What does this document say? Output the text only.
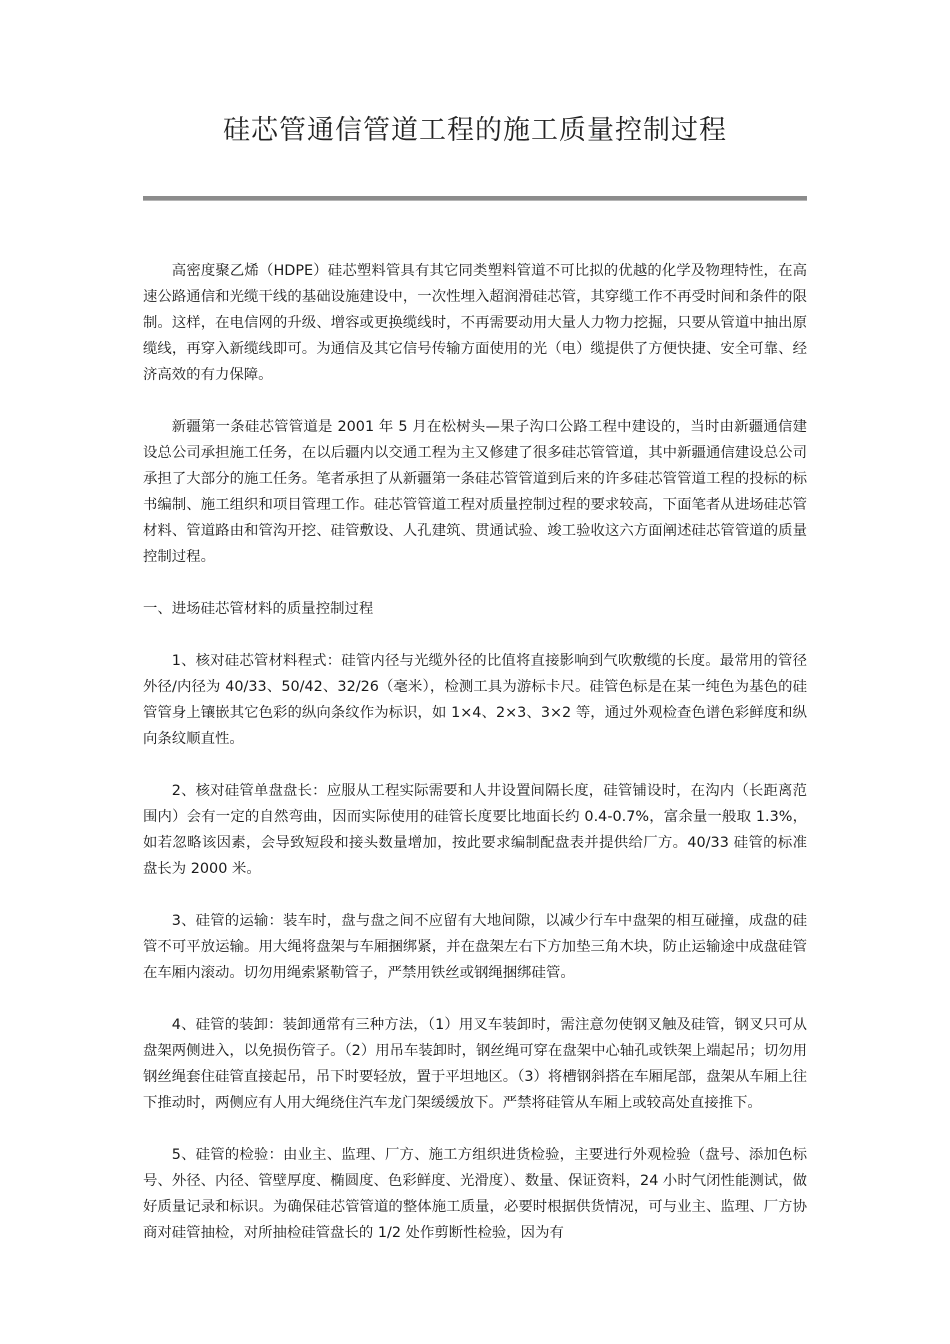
硅芯管通信管道工程的施工质量控制过程

高密度聚乙烯（HDPE）硅芯塑料管具有其它同类塑料管道不可比拟的优越的化学及物理特性，在高速公路通信和光缆干线的基础设施建设中，一次性埋入超润滑硅芯管，其穿缆工作不再受时间和条件的限制。这样，在电信网的升级、增容或更换缆线时，不再需要动用大量人力物力挖掘，只要从管道中抽出原缆线，再穿入新缆线即可。为通信及其它信号传输方面使用的光（电）缆提供了方便快捷、安全可靠、经济高效的有力保障。

新疆第一条硅芯管管道是 2001 年 5 月在松树头—果子沟口公路工程中建设的，当时由新疆通信建设总公司承担施工任务，在以后疆内以交通工程为主又修建了很多硅芯管管道，其中新疆通信建设总公司承担了大部分的施工任务。笔者承担了从新疆第一条硅芯管管道到后来的许多硅芯管管道工程的投标的标书编制、施工组织和项目管理工作。硅芯管管道工程对质量控制过程的要求较高，下面笔者从进场硅芯管材料、管道路由和管沟开挖、硅管敷设、人孔建筑、贯通试验、竣工验收这六方面阐述硅芯管管道的质量控制过程。

一、进场硅芯管材料的质量控制过程

1、核对硅芯管材料程式：硅管内径与光缆外径的比值将直接影响到气吹敷缆的长度。最常用的管径外径/内径为 40/33、50/42、32/26（毫米），检测工具为游标卡尺。硅管色标是在某一纯色为基色的硅管管身上镶嵌其它色彩的纵向条纹作为标识，如 1×4、2×3、3×2 等，通过外观检查色谱色彩鲜度和纵向条纹顺直性。

2、核对硅管单盘盘长：应服从工程实际需要和人井设置间隔长度，硅管铺设时，在沟内（长距离范围内）会有一定的自然弯曲，因而实际使用的硅管长度要比地面长约 0.4-0.7%，富余量一般取 1.3%，如若忽略该因素，会导致短段和接头数量增加，按此要求编制配盘表并提供给厂方。40/33 硅管的标准盘长为 2000 米。

3、硅管的运输：装车时，盘与盘之间不应留有大地间隙，以减少行车中盘架的相互碰撞，成盘的硅管不可平放运输。用大绳将盘架与车厢捆绑紧，并在盘架左右下方加垫三角木块，防止运输途中成盘硅管在车厢内滚动。切勿用绳索紧勒管子，严禁用铁丝或钢绳捆绑硅管。

4、硅管的装卸：装卸通常有三种方法，（1）用叉车装卸时，需注意勿使钢叉触及硅管，钢叉只可从盘架两侧进入，以免损伤管子。（2）用吊车装卸时，钢丝绳可穿在盘架中心轴孔或铁架上端起吊；切勿用钢丝绳套住硅管直接起吊，吊下时要轻放，置于平坦地区。（3）将槽钢斜搭在车厢尾部，盘架从车厢上往下推动时，两侧应有人用大绳绕住汽车龙门架缓缓放下。严禁将硅管从车厢上或较高处直接推下。

5、硅管的检验：由业主、监理、厂方、施工方组织进货检验，主要进行外观检验（盘号、添加色标号、外径、内径、管壁厚度、椭圆度、色彩鲜度、光滑度）、数量、保证资料，24 小时气闭性能测试，做好质量记录和标识。为确保硅芯管管道的整体施工质量，必要时根据供货情况，可与业主、监理、厂方协商对硅管抽检，对所抽检硅管盘长的 1/2 处作剪断性检验，因为有
